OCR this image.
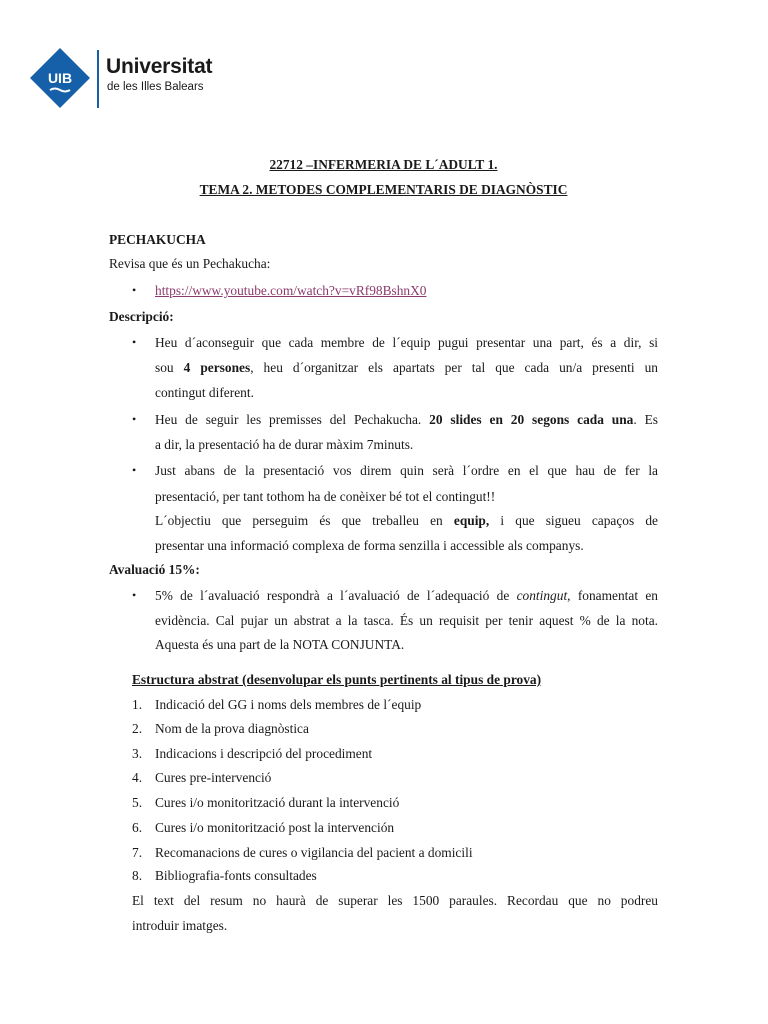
UIB Universitat
de les Illes Balears
22712 –INFERMERIA DE L´ADULT 1.
TEMA 2. METODES COMPLEMENTARIS DE DIAGNÒSTIC
PECHAKUCHA
Revisa que és un Pechakucha:
• https://www.youtube.com/watch?v=vRf98BshnX0
Descripció:
• Heu d´aconseguir que cada membre de l´equip pugui presentar una part, és a dir, si
sou 4 persones, heu d´organitzar els apartats per tal que cada un/a presenti un
contingut diferent.
• Heu de seguir les premisses del Pechakucha. 20 slides en 20 segons cada una. Es
a dir, la presentació ha de durar màxim 7minuts.
• Just abans de la presentació vos direm quin serà l´ordre en el que hau de fer la
presentació, per tant tothom ha de conèixer bé tot el contingut!!
L´objectiu que perseguim és que treballeu en equip, i que sigueu capaços de
presentar una informació complexa de forma senzilla i accessible als companys.
Avaluació 15%:
• 5% de l´avaluació respondrà a l´avaluació de l´adequació de contingut, fonamentat en
evidència. Cal pujar un abstrat a la tasca. És un requisit per tenir aquest % de la nota.
Aquesta és una part de la NOTA CONJUNTA.
Estructura abstrat (desenvolupar els punts pertinents al tipus de prova)
1. Indicació del GG i noms dels membres de l´equip
2. Nom de la prova diagnòstica
3. Indicacions i descripció del procediment
4. Cures pre-intervenció
5. Cures i/o monitorització durant la intervenció
6. Cures i/o monitorització post la intervención
7. Recomanacions de cures o vigilancia del pacient a domicili
8. Bibliografia-fonts consultades
El text del resum no haurà de superar les 1500 paraules. Recordau que no podreu
introduir imatges.
